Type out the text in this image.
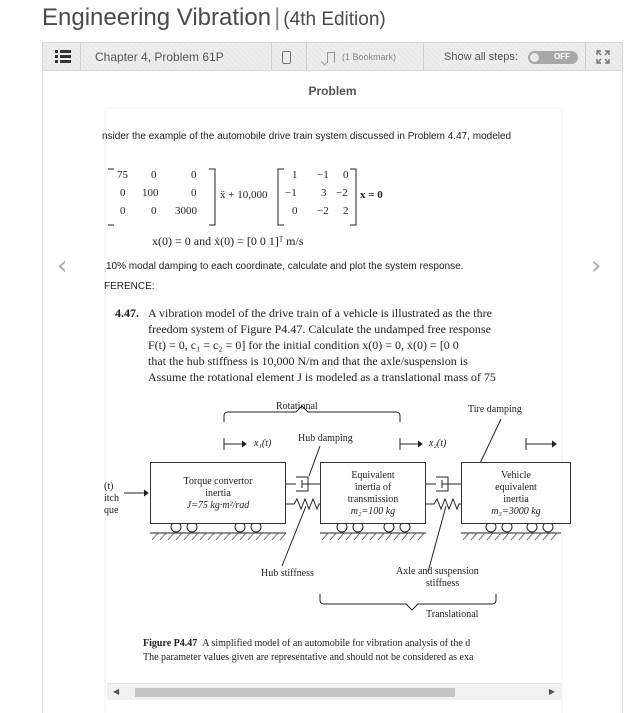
Engineering Vibration | (4th Edition)
Chapter 4, Problem 61P	(1 Bookmark)	Show all steps:	OFF
Problem
‹	›
nsider the example of the automobile drive train system discussed in Problem 4.47, modeled
75 0	0
0 100	0
0 0 3000
ẍ + 10,000
1 −1 0
−1 3 −2
0 −2 2
x = 0
x(0) = 0 and ẋ(0) = [0 0 1]ᵀ m/s
10% modal damping to each coordinate, calculate and plot the system response.
FERENCE:
4.47. A vibration model of the drive train of a vehicle is illustrated as the thre
freedom system of Figure P4.47. Calculate the undamped free response
F(t) = 0, c₁ = c₂ = 0] for the initial condition x(0) = 0, ẋ(0) = [0 0
that the hub stiffness is 10,000 N/m and that the axle/suspension is
Assume the rotational element J is modeled as a translational mass of 75
Rotational	Tire damping
Hub damping
x₁(t)	x₂(t)
(t)
itch
que
Torque convertor
inertia
J=75 kg·m²/rad
Equivalent
inertia of
transmission
m₂=100 kg
Vehicle
equivalent
inertia
m₃=3000 kg
Hub stiffness	Axle and suspension
stiffness
Translational
Figure P4.47 A simplified model of an automobile for vibration analysis of the d
The parameter values given are representative and should not be considered as exa
◀	▶
